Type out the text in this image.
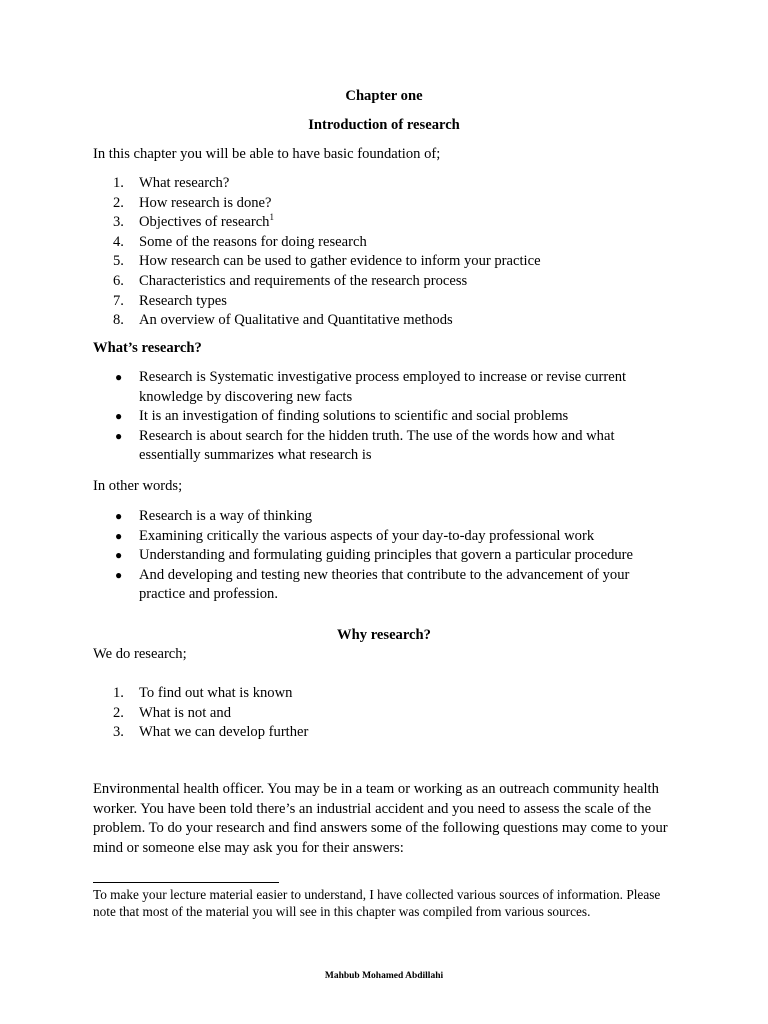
Chapter one
Introduction of research

In this chapter you will be able to have basic foundation of;

1.	What research?
2.	How research is done?
3.	Objectives of research$^1$
4.	Some of the reasons for doing research
5.	How research can be used to gather evidence to inform your practice
6.	Characteristics and requirements of the research process
7.	Research types
8.	An overview of Qualitative and Quantitative methods

What’s research?

●	Research is Systematic investigative process employed to increase or revise current knowledge by discovering new facts
●	It is an investigation of finding solutions to scientific and social problems
●	Research is about search for the hidden truth. The use of the words how and what essentially summarizes what research is

In other words;

●	Research is a way of thinking
●	Examining critically the various aspects of your day-to-day professional work
●	Understanding and formulating guiding principles that govern a particular procedure
●	And developing and testing new theories that contribute to the advancement of your practice and profession.
Why research?

We do research;

1.	To find out what is known
2.	What is not and
3.	What we can develop further

Environmental health officer. You may be in a team or working as an outreach community health worker. You have been told there’s an industrial accident and you need to assess the scale of the problem. To do your research and find answers some of the following questions may come to your mind or someone else may ask you for their answers:

To make your lecture material easier to understand, I have collected various sources of information. Please note that most of the material you will see in this chapter was compiled from various sources.

Mahbub Mohamed Abdillahi
